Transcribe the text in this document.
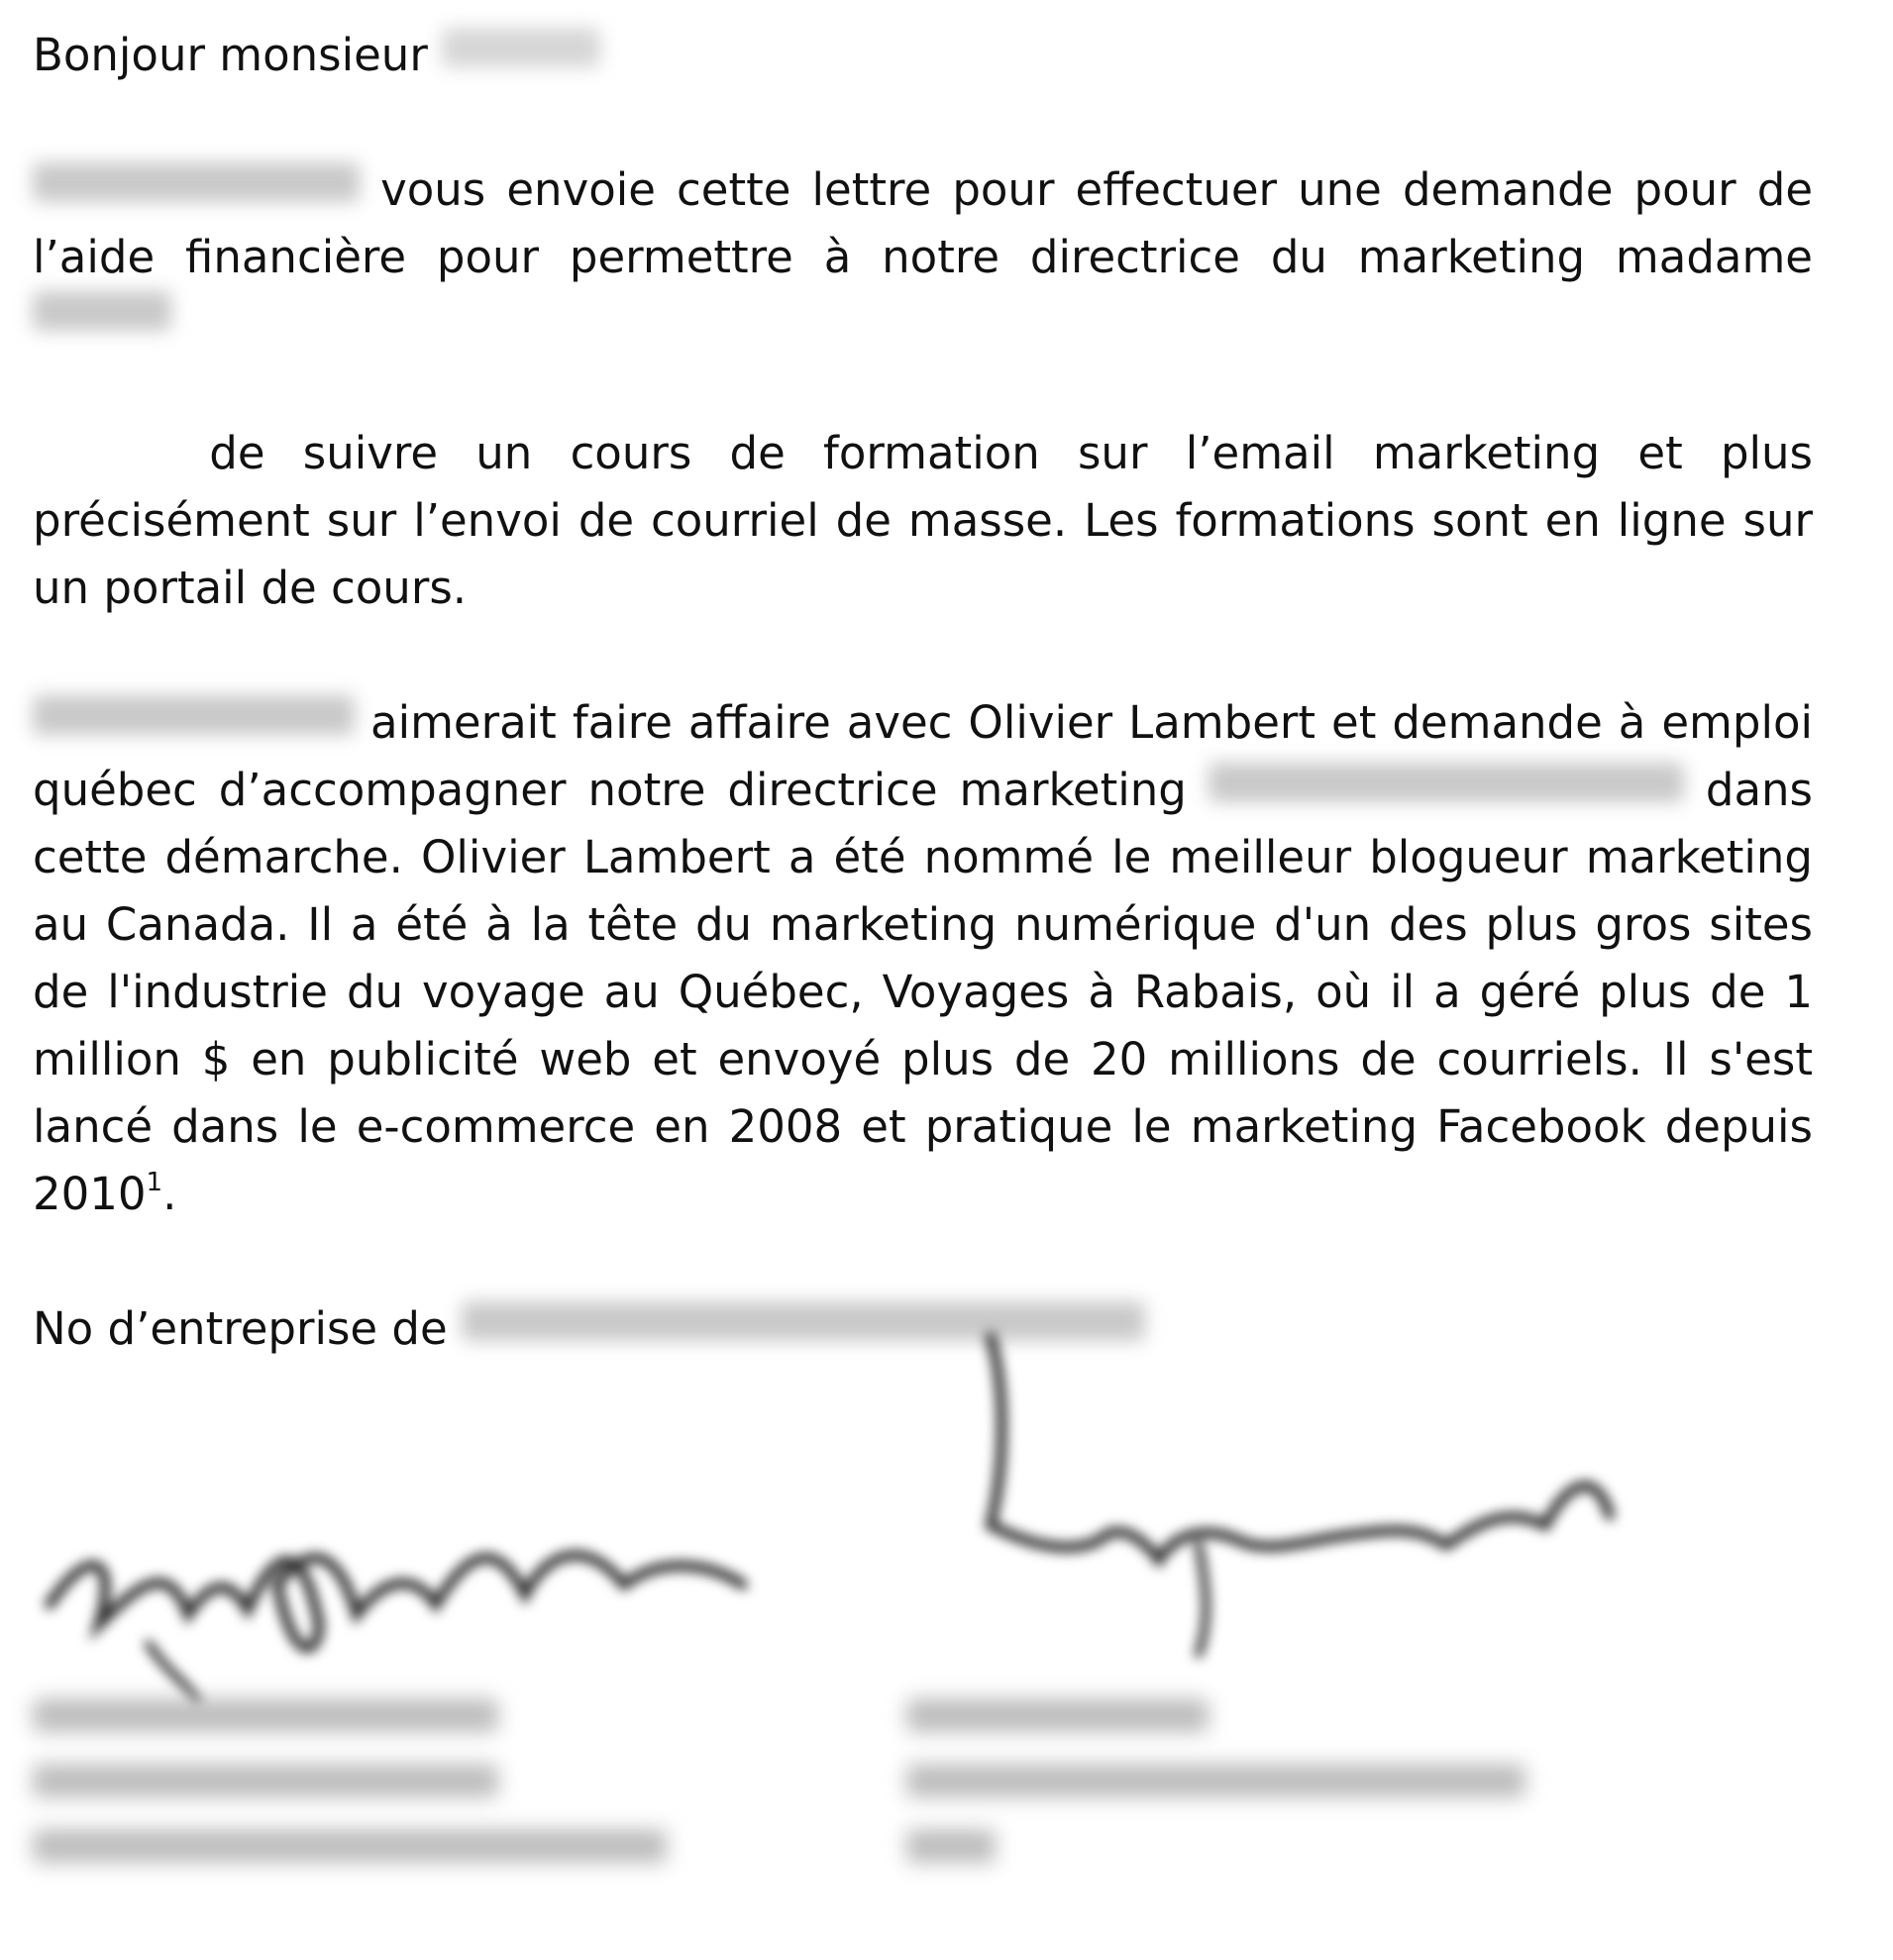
Bonjour monsieur

vous envoie cette lettre pour effectuer une demande pour de l’aide financière pour permettre à notre directrice du marketing madame  de suivre un cours de formation sur l’email marketing et plus précisément sur l’envoi de courriel de masse. Les formations sont en ligne sur un portail de cours.

aimerait faire affaire avec Olivier Lambert et demande à emploi québec d’accompagner notre directrice marketing	dans cette démarche. Olivier Lambert a été nommé le meilleur blogueur marketing au Canada. Il a été à la tête du marketing numérique d'un des plus gros sites de l'industrie du voyage au Québec, Voyages à Rabais, où il a géré plus de 1 million $ en publicité web et envoyé plus de 20 millions de courriels. Il s'est lancé dans le e-commerce en 2008 et pratique le marketing Facebook depuis 2010$^1$.

No d’entreprise de
